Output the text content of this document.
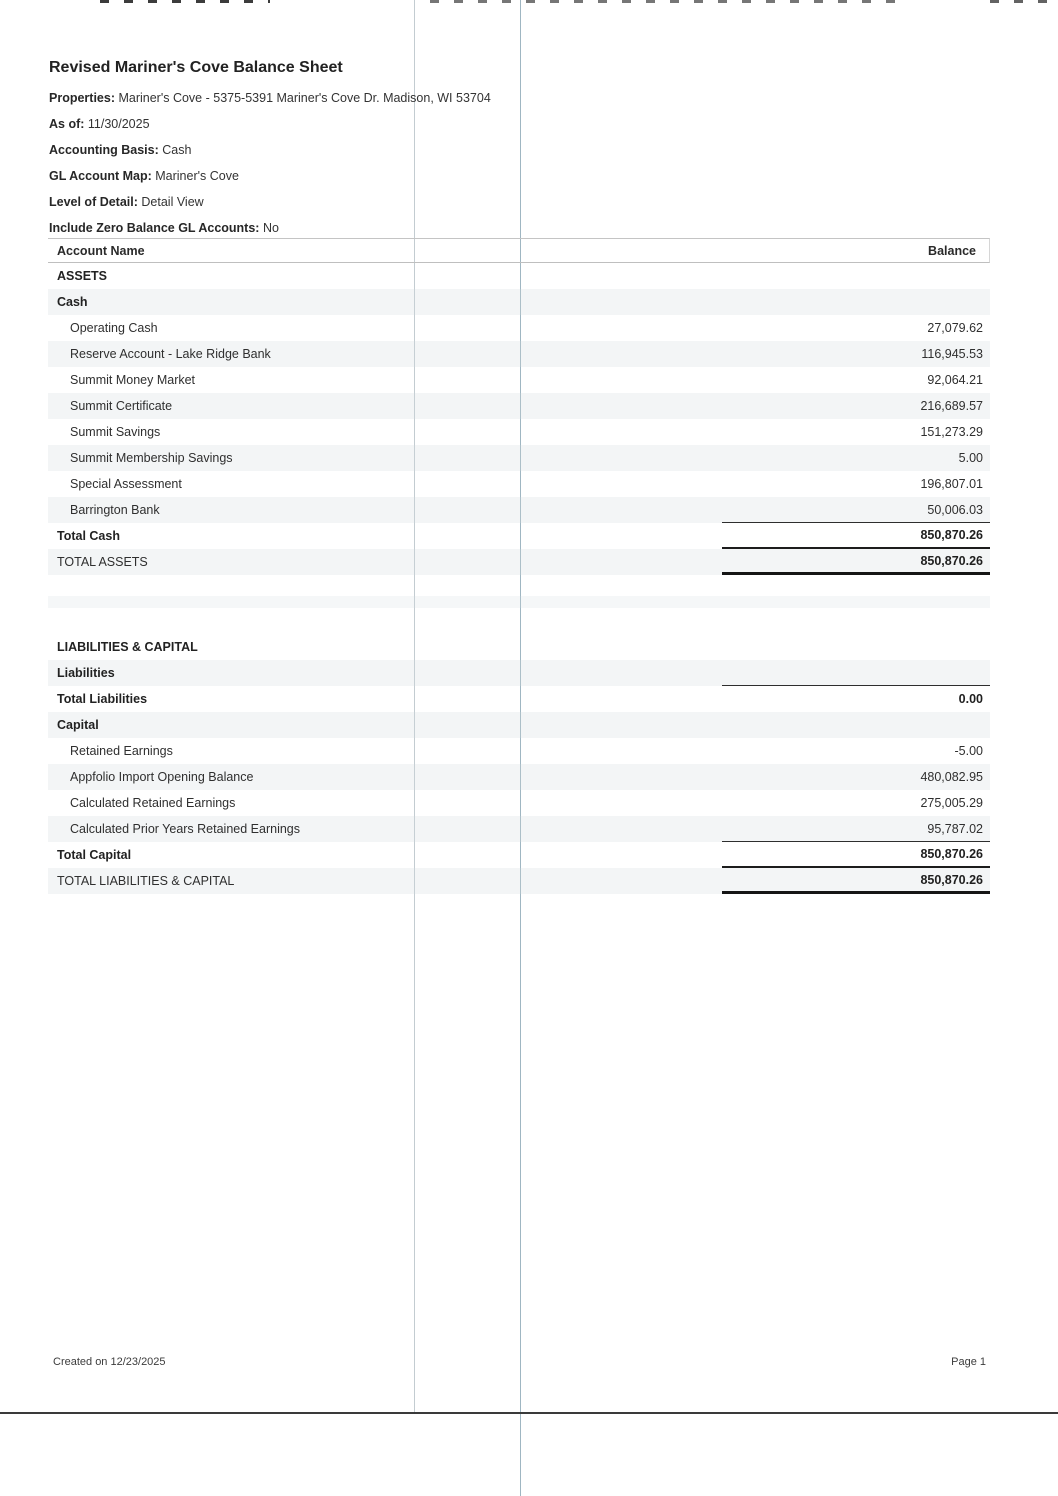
Revised Mariner's Cove Balance Sheet
Properties: Mariner's Cove - 5375-5391 Mariner's Cove Dr. Madison, WI 53704
As of: 11/30/2025
Accounting Basis: Cash
GL Account Map: Mariner's Cove
Level of Detail: Detail View
Include Zero Balance GL Accounts: No
Account Name	Balance
ASSETS
Cash
Operating Cash	27,079.62
Reserve Account - Lake Ridge Bank	116,945.53
Summit Money Market	92,064.21
Summit Certificate	216,689.57
Summit Savings	151,273.29
Summit Membership Savings	5.00
Special Assessment	196,807.01
Barrington Bank	50,006.03
Total Cash	850,870.26
TOTAL ASSETS	850,870.26
LIABILITIES & CAPITAL
Liabilities
Total Liabilities	0.00
Capital
Retained Earnings	-5.00
Appfolio Import Opening Balance	480,082.95
Calculated Retained Earnings	275,005.29
Calculated Prior Years Retained Earnings	95,787.02
Total Capital	850,870.26
TOTAL LIABILITIES & CAPITAL	850,870.26
Created on 12/23/2025	Page 1
